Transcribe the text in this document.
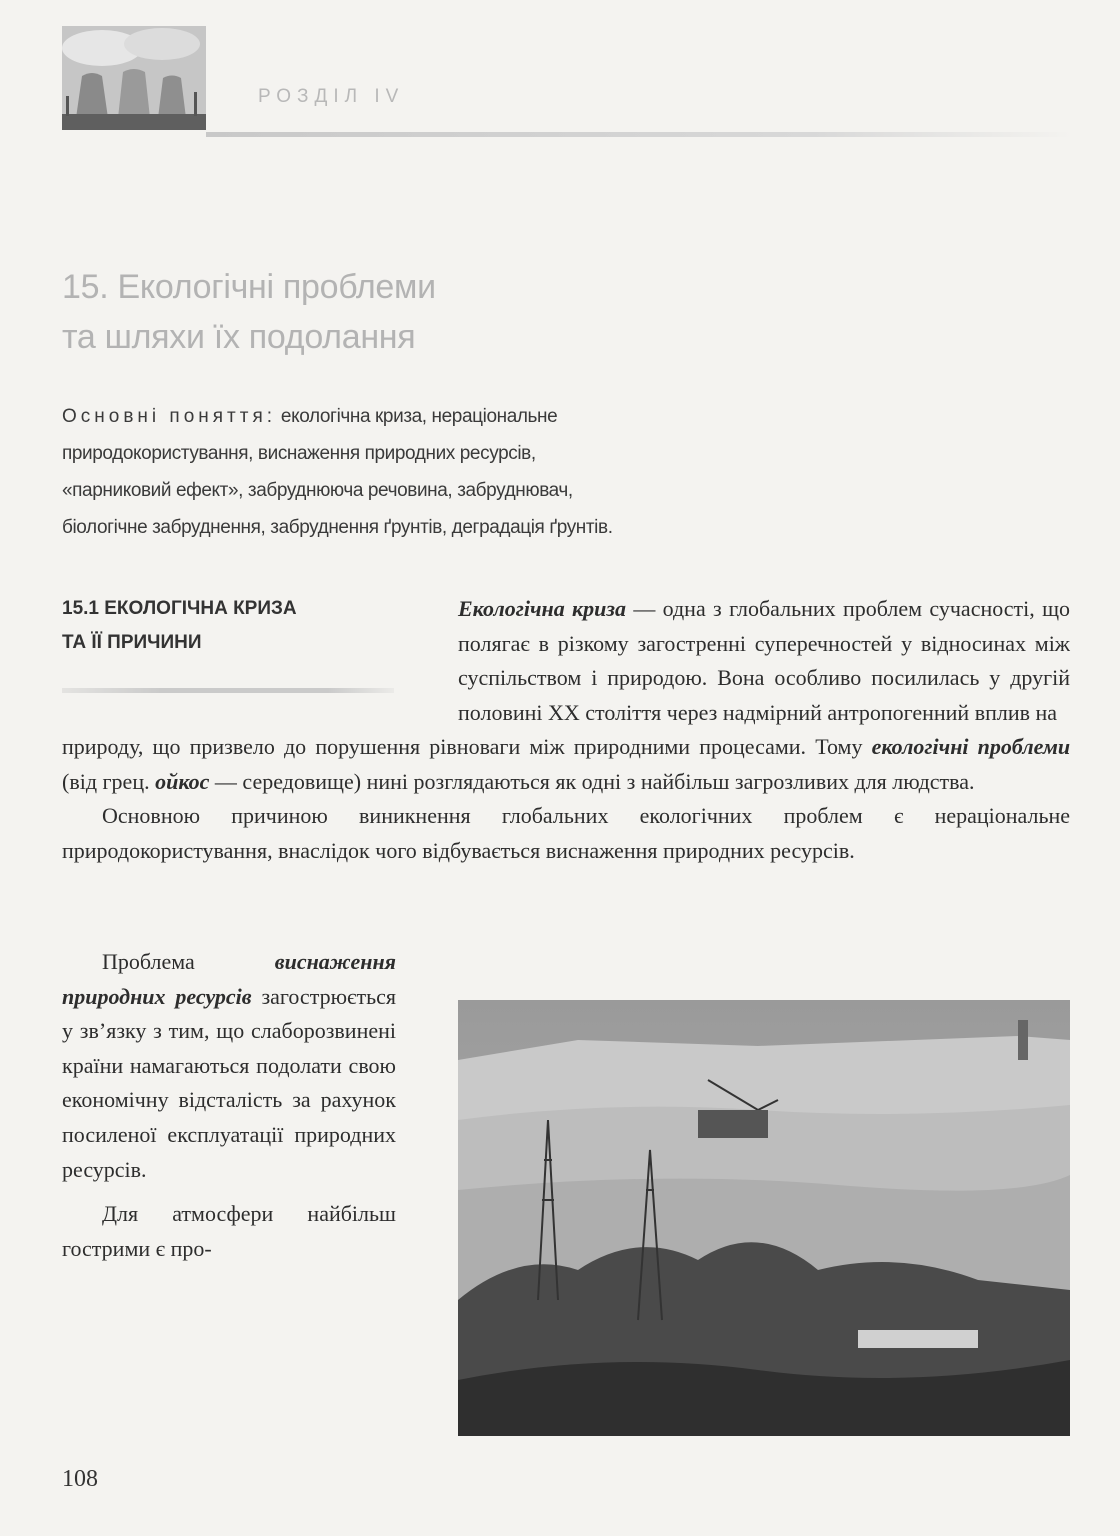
РОЗДІЛ IV
15. Екологічні проблеми
та шляхи їх подолання
Основні поняття: екологічна криза, нераціональне
природокористування, виснаження природних ресурсів,
«парниковий ефект», забруднююча речовина, забруднювач,
біологічне забруднення, забруднення ґрунтів, деградація ґрунтів.
15.1 ЕКОЛОГІЧНА КРИЗА
ТА ЇЇ ПРИЧИНИ

Екологічна криза — одна з глобальних проблем сучасності, що полягає в різкому загостренні суперечностей у відносинах між суспільством і природою. Вона особливо посилилась у другій половині XX століття через надмірний антропогенний вплив на

природу, що призвело до порушення рівноваги між природними процесами. Тому екологічні проблеми (від грец. ойкос — середовище) нині розглядаються як одні з найбільш загрозливих для людства.

Основною причиною виникнення глобальних екологічних проблем є нераціональне природокористування, внаслідок чого відбувається виснаження природних ресурсів.

Проблема виснаження природних ресурсів загострюється у зв’язку з тим, що слаборозвинені країни намагаються подолати свою економічну відсталість за рахунок посиленої експлуатації природних ресурсів.

Для атмосфери найбільш гострими є про-

108
